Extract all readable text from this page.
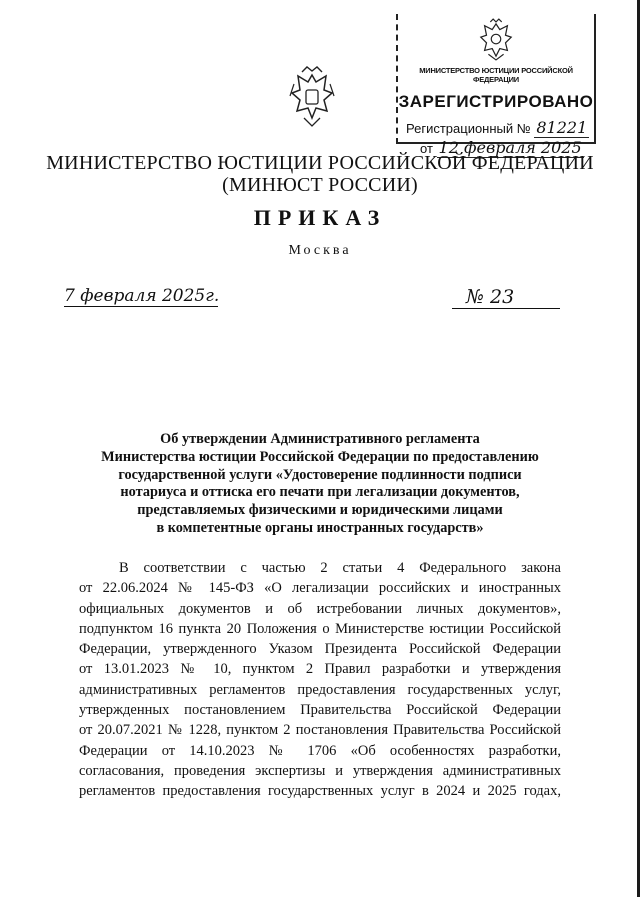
МИНИСТЕРСТВО ЮСТИЦИИ РОССИЙСКОЙ ФЕДЕРАЦИИ
ЗАРЕГИСТРИРОВАНО
Регистрационный № 81221
от 12 февраля 2025
МИНИСТЕРСТВО ЮСТИЦИИ РОССИЙСКОЙ ФЕДЕРАЦИИ
(МИНЮСТ РОССИИ)
ПРИКАЗ
Москва
7 февраля 2025г.	№ 23
Об утверждении Административного регламента
Министерства юстиции Российской Федерации по предоставлению
государственной услуги «Удостоверение подлинности подписи
нотариуса и оттиска его печати при легализации документов,
представляемых физическими и юридическими лицами
в компетентные органы иностранных государств»
В соответствии с частью 2 статьи 4 Федерального закона
от 22.06.2024 № 145-ФЗ «О легализации российских и иностранных
официальных документов и об истребовании личных документов»,
подпунктом 16 пункта 20 Положения о Министерстве юстиции Российской
Федерации, утвержденного Указом Президента Российской Федерации
от 13.01.2023 № 10, пунктом 2 Правил разработки и утверждения
административных регламентов предоставления государственных услуг,
утвержденных постановлением Правительства Российской Федерации
от 20.07.2021 № 1228, пунктом 2 постановления Правительства Российской
Федерации от 14.10.2023 № 1706 «Об особенностях разработки,
согласования, проведения экспертизы и утверждения административных
регламентов предоставления государственных услуг в 2024 и 2025 годах,
